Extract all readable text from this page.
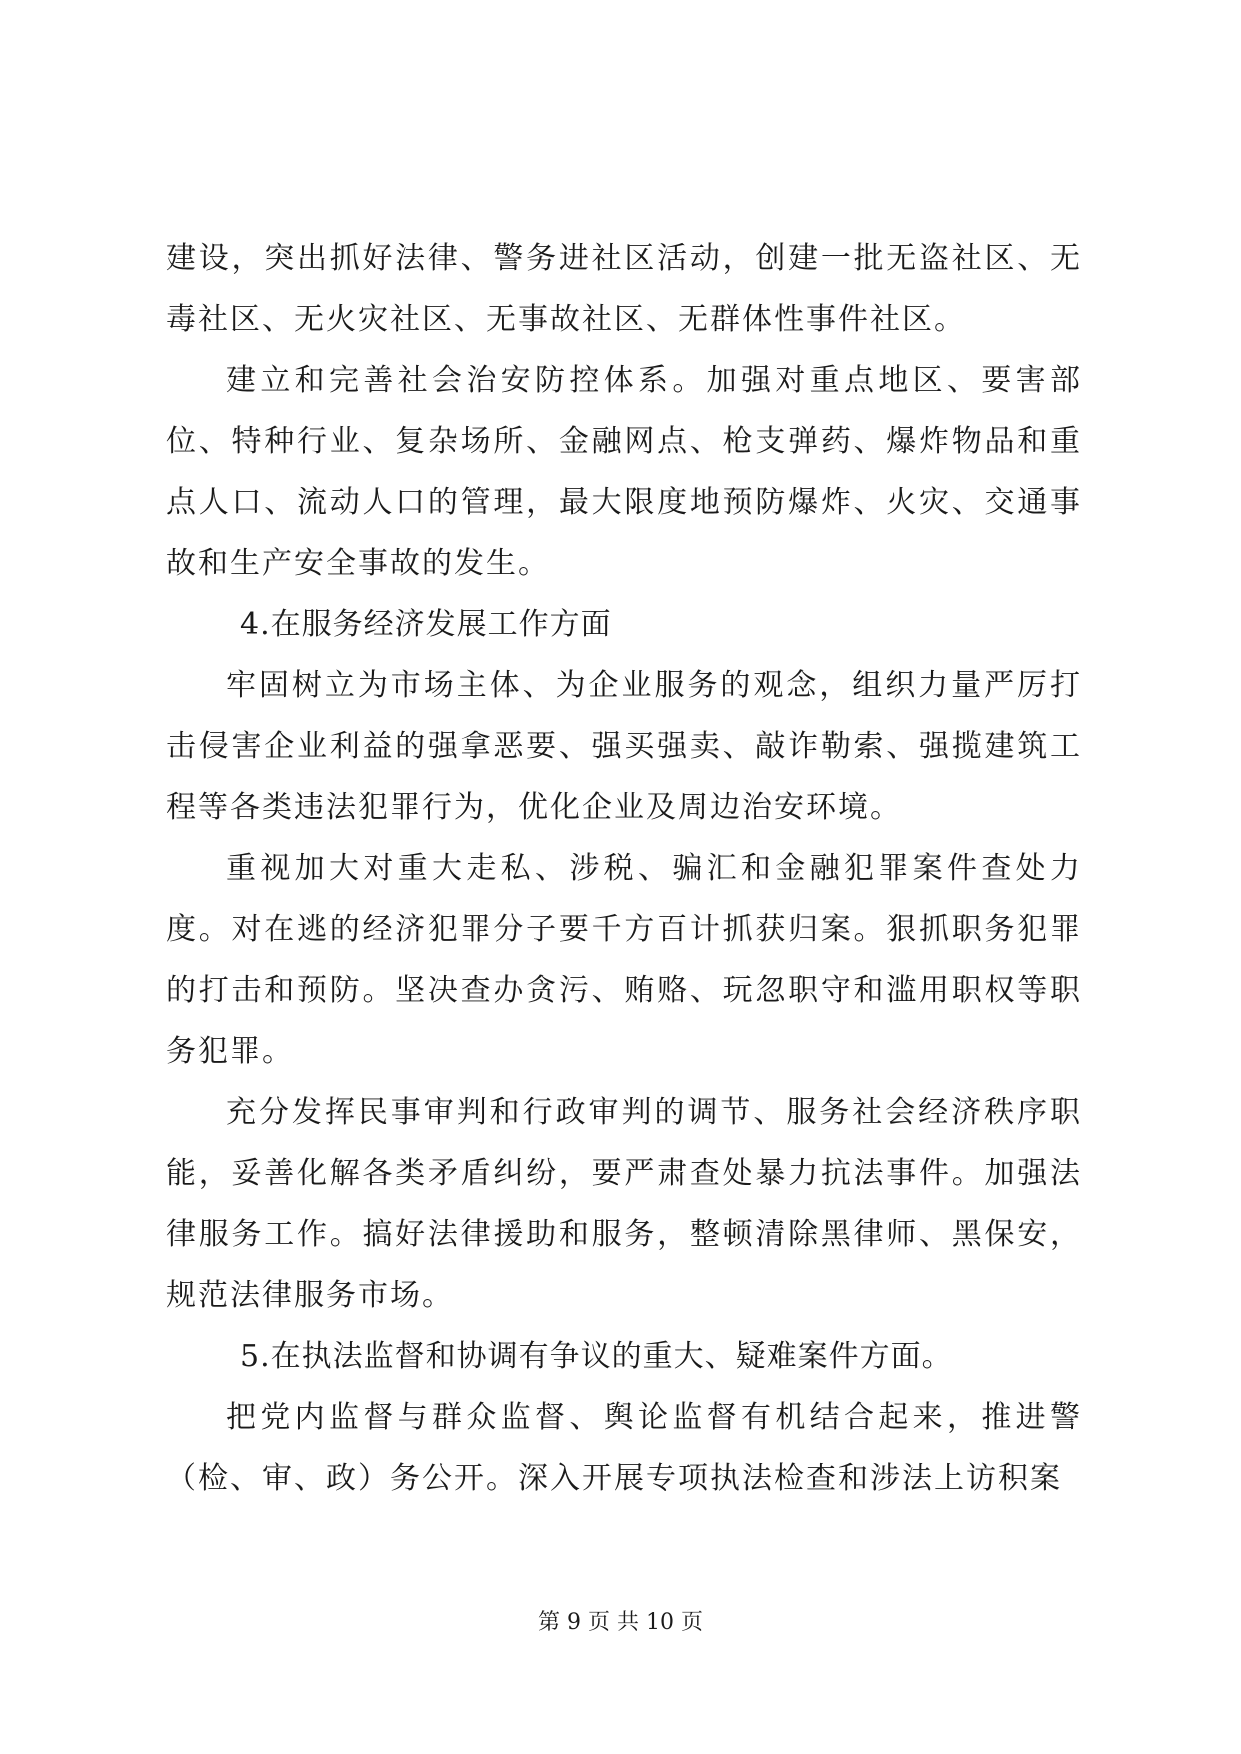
建设，突出抓好法律、警务进社区活动，创建一批无盗社区、无毒社区、无火灾社区、无事故社区、无群体性事件社区。

建立和完善社会治安防控体系。加强对重点地区、要害部位、特种行业、复杂场所、金融网点、枪支弹药、爆炸物品和重点人口、流动人口的管理，最大限度地预防爆炸、火灾、交通事故和生产安全事故的发生。

4.在服务经济发展工作方面

牢固树立为市场主体、为企业服务的观念，组织力量严厉打击侵害企业利益的强拿恶要、强买强卖、敲诈勒索、强揽建筑工程等各类违法犯罪行为，优化企业及周边治安环境。

重视加大对重大走私、涉税、骗汇和金融犯罪案件查处力度。对在逃的经济犯罪分子要千方百计抓获归案。狠抓职务犯罪的打击和预防。坚决查办贪污、贿赂、玩忽职守和滥用职权等职务犯罪。

充分发挥民事审判和行政审判的调节、服务社会经济秩序职能，妥善化解各类矛盾纠纷，要严肃查处暴力抗法事件。加强法律服务工作。搞好法律援助和服务，整顿清除黑律师、黑保安，规范法律服务市场。

5.在执法监督和协调有争议的重大、疑难案件方面。

把党内监督与群众监督、舆论监督有机结合起来，推进警（检、审、政）务公开。深入开展专项执法检查和涉法上访积案

第 9 页 共 10 页
